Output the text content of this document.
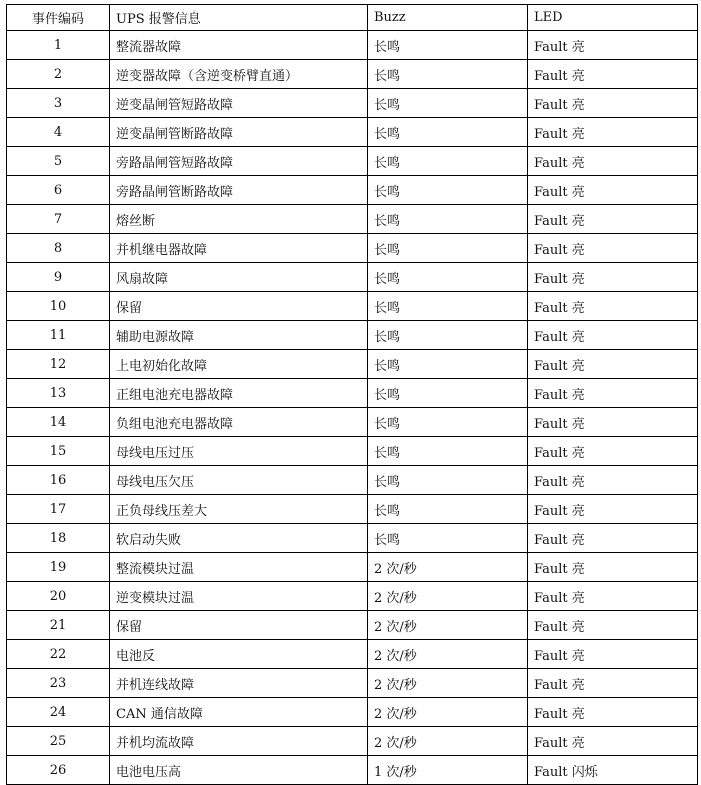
事件编码	UPS 报警信息	Buzz	LED
1	整流器故障	长鸣	Fault 亮
2	逆变器故障（含逆变桥臂直通）	长鸣	Fault 亮
3	逆变晶闸管短路故障	长鸣	Fault 亮
4	逆变晶闸管断路故障	长鸣	Fault 亮
5	旁路晶闸管短路故障	长鸣	Fault 亮
6	旁路晶闸管断路故障	长鸣	Fault 亮
7	熔丝断	长鸣	Fault 亮
8	并机继电器故障	长鸣	Fault 亮
9	风扇故障	长鸣	Fault 亮
10	保留	长鸣	Fault 亮
11	辅助电源故障	长鸣	Fault 亮
12	上电初始化故障	长鸣	Fault 亮
13	正组电池充电器故障	长鸣	Fault 亮
14	负组电池充电器故障	长鸣	Fault 亮
15	母线电压过压	长鸣	Fault 亮
16	母线电压欠压	长鸣	Fault 亮
17	正负母线压差大	长鸣	Fault 亮
18	软启动失败	长鸣	Fault 亮
19	整流模块过温	2 次/秒	Fault 亮
20	逆变模块过温	2 次/秒	Fault 亮
21	保留	2 次/秒	Fault 亮
22	电池反	2 次/秒	Fault 亮
23	并机连线故障	2 次/秒	Fault 亮
24	CAN 通信故障	2 次/秒	Fault 亮
25	并机均流故障	2 次/秒	Fault 亮
26	电池电压高	1 次/秒	Fault 闪烁
